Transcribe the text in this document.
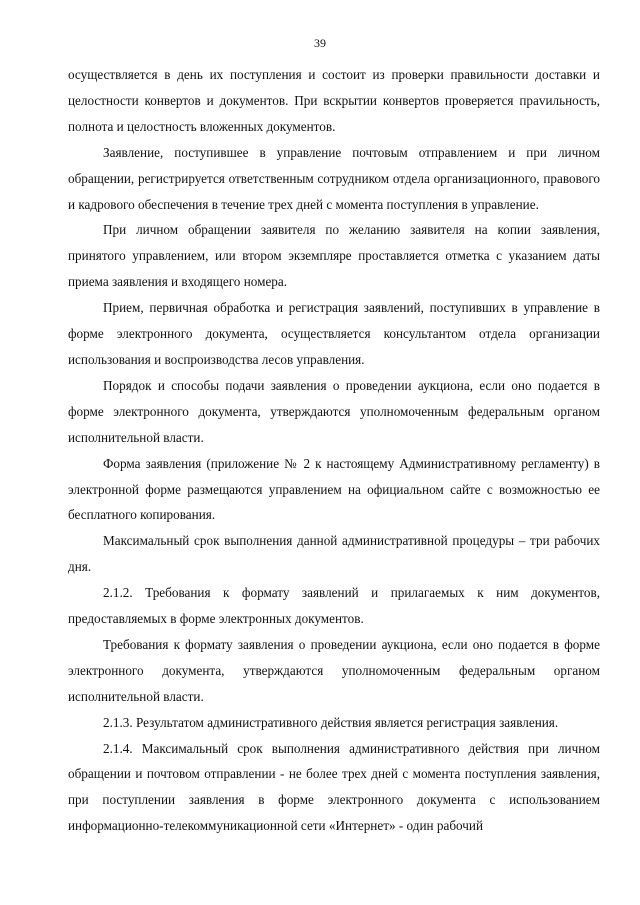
39

осуществляется в день их поступления и состоит из проверки правильности доставки и целостности конвертов и документов. При вскрытии конвертов проверяется праvильность, полнота и целостность вложенных документов.

Заявление, поступившее в управление почтовым отправлением и при личном обращении, регистрируется ответственным сотрудником отдела организационного, правового и кадрового обеспечения в течение трех дней с момента поступления в управление.

При личном обращении заявителя по желанию заявителя на копии заявления, принятого управлением, или втором экземпляре проставляется отметка с указанием даты приема заявления и входящего номера.

Прием, первичная обработка и регистрация заявлений, поступивших в управление в форме электронного документа, осуществляется консультантом отдела организации использования и воспроизводства лесов управления.

Порядок и способы подачи заявления о проведении аукциона, если оно подается в форме электронного документа, утверждаются уполномоченным федеральным органом исполнительной власти.

Форма заявления (приложение № 2 к настоящему Административному регламенту) в электронной форме размещаются управлением на официальном сайте с возможностью ее бесплатного копирования.

Максимальный срок выполнения данной административной процедуры – три рабочих дня.

2.1.2. Требования к формату заявлений и прилагаемых к ним документов, предоставляемых в форме электронных документов.

Требования к формату заявления о проведении аукциона, если оно подается в форме электронного документа, утверждаются уполномоченным федеральным органом исполнительной власти.

2.1.3. Результатом административного действия является регистрация заявления.

2.1.4. Максимальный срок выполнения административного действия при личном обращении и почтовом отправлении - не более трех дней с момента поступления заявления, при поступлении заявления в форме электронного документа с использованием информационно-телекоммуникационной сети «Интернет» - один рабочий
